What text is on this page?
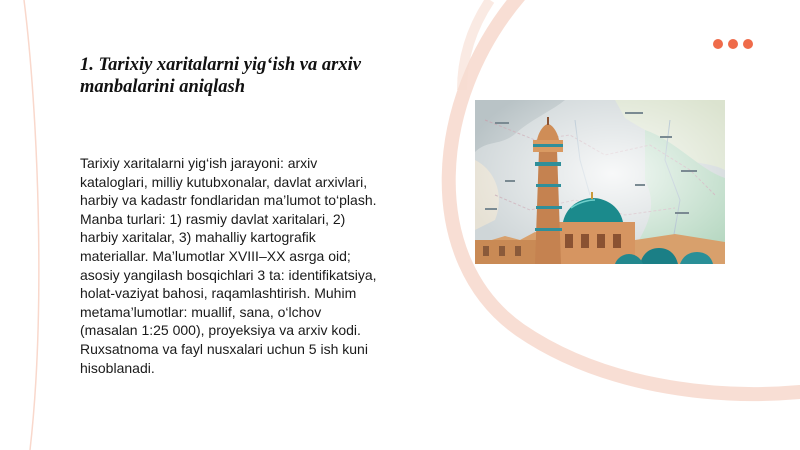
1. Tarixiy xaritalarni yig‘ish va arxiv
manbalarini aniqlash
Tarixiy xaritalarni yig‘ish jarayoni: arxiv
kataloglari, milliy kutubxonalar, davlat arxivlari,
harbiy va kadastr fondlaridan ma’lumot to‘plash.
Manba turlari: 1) rasmiy davlat xaritalari, 2)
harbiy xaritalar, 3) mahalliy kartografik
materiallar. Ma’lumotlar XVIII–XX asrga oid;
asosiy yangilash bosqichlari 3 ta: identifikatsiya,
holat-vaziyat bahosi, raqamlashtirish. Muhim
metama’lumotlar: muallif, sana, o‘lchov
(masalan 1:25 000), proyeksiya va arxiv kodi.
Ruxsatnoma va fayl nusxalari uchun 5 ish kuni
hisoblanadi.
